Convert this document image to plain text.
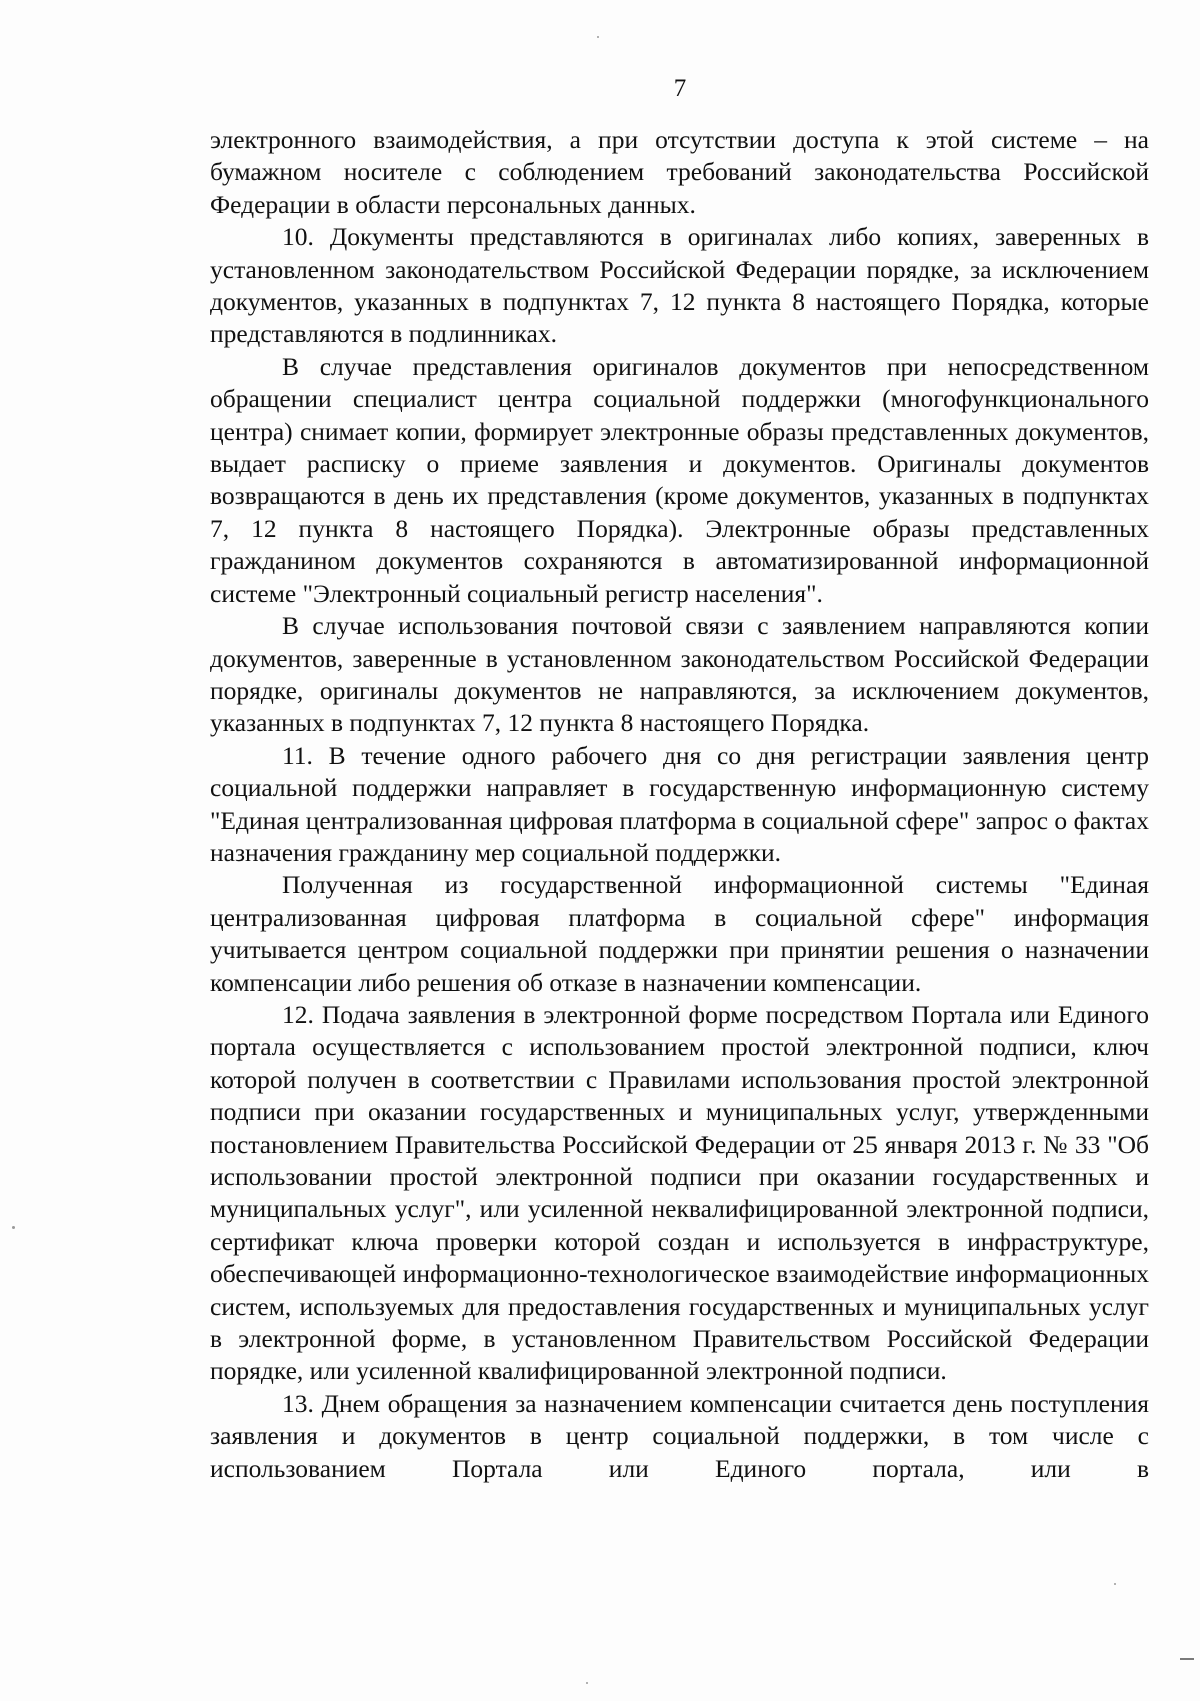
7

электронного взаимодействия, а при отсутствии доступа к этой системе – на бумажном носителе с соблюдением требований законодательства Российской Федерации в области персональных данных.

10. Документы представляются в оригиналах либо копиях, заверенных в установленном законодательством Российской Федерации порядке, за исключением документов, указанных в подпунктах 7, 12 пункта 8 настоящего Порядка, которые представляются в подлинниках.

В случае представления оригиналов документов при непосредственном обращении специалист центра социальной поддержки (многофункционального центра) снимает копии, формирует электронные образы представленных документов, выдает расписку о приеме заявления и документов. Оригиналы документов возвращаются в день их представления (кроме документов, указанных в подпунктах 7, 12 пункта 8 настоящего Порядка). Электронные образы представленных гражданином документов сохраняются в автоматизированной информационной системе "Электронный социальный регистр населения".

В случае использования почтовой связи с заявлением направляются копии документов, заверенные в установленном законодательством Российской Федерации порядке, оригиналы документов не направляются, за исключением документов, указанных в подпунктах 7, 12 пункта 8 настоящего Порядка.

11. В течение одного рабочего дня со дня регистрации заявления центр социальной поддержки направляет в государственную информационную систему "Единая централизованная цифровая платформа в социальной сфере" запрос о фактах назначения гражданину мер социальной поддержки.

Полученная из государственной информационной системы "Единая централизованная цифровая платформа в социальной сфере" информация учитывается центром социальной поддержки при принятии решения о назначении компенсации либо решения об отказе в назначении компенсации.

12. Подача заявления в электронной форме посредством Портала или Единого портала осуществляется с использованием простой электронной подписи, ключ которой получен в соответствии с Правилами использования простой электронной подписи при оказании государственных и муниципальных услуг, утвержденными постановлением Правительства Российской Федерации от 25 января 2013 г. № 33 "Об использовании простой электронной подписи при оказании государственных и муниципальных услуг", или усиленной неквалифицированной электронной подписи, сертификат ключа проверки которой создан и используется в инфраструктуре, обеспечивающей информационно-технологическое взаимодействие информационных систем, используемых для предоставления государственных и муниципальных услуг в электронной форме, в установленном Правительством Российской Федерации порядке, или усиленной квалифицированной электронной подписи.

13. Днем обращения за назначением компенсации считается день поступления заявления и документов в центр социальной поддержки, в том числе с использованием Портала или Единого портала, или в
